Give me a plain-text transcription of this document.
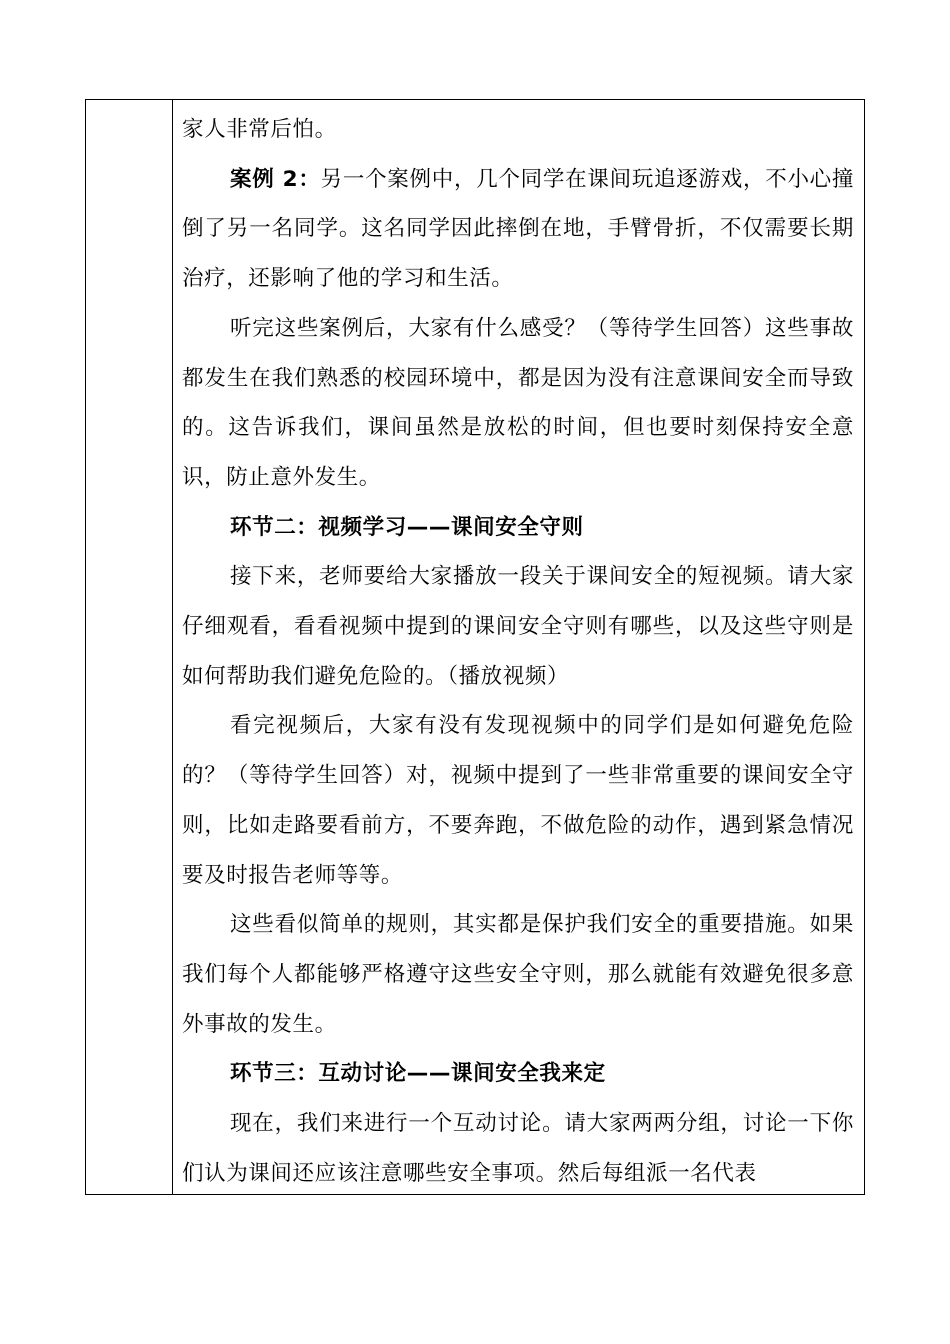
家人非常后怕。

案例 2：另一个案例中，几个同学在课间玩追逐游戏，不小心撞倒了另一名同学。这名同学因此摔倒在地，手臂骨折，不仅需要长期治疗，还影响了他的学习和生活。

听完这些案例后，大家有什么感受？（等待学生回答）这些事故都发生在我们熟悉的校园环境中，都是因为没有注意课间安全而导致的。这告诉我们，课间虽然是放松的时间，但也要时刻保持安全意识，防止意外发生。

环节二：视频学习——课间安全守则

接下来，老师要给大家播放一段关于课间安全的短视频。请大家仔细观看，看看视频中提到的课间安全守则有哪些，以及这些守则是如何帮助我们避免危险的。（播放视频）

看完视频后，大家有没有发现视频中的同学们是如何避免危险的？（等待学生回答）对，视频中提到了一些非常重要的课间安全守则，比如走路要看前方，不要奔跑，不做危险的动作，遇到紧急情况要及时报告老师等等。

这些看似简单的规则，其实都是保护我们安全的重要措施。如果我们每个人都能够严格遵守这些安全守则，那么就能有效避免很多意外事故的发生。

环节三：互动讨论——课间安全我来定

现在，我们来进行一个互动讨论。请大家两两分组，讨论一下你们认为课间还应该注意哪些安全事项。然后每组派一名代表
